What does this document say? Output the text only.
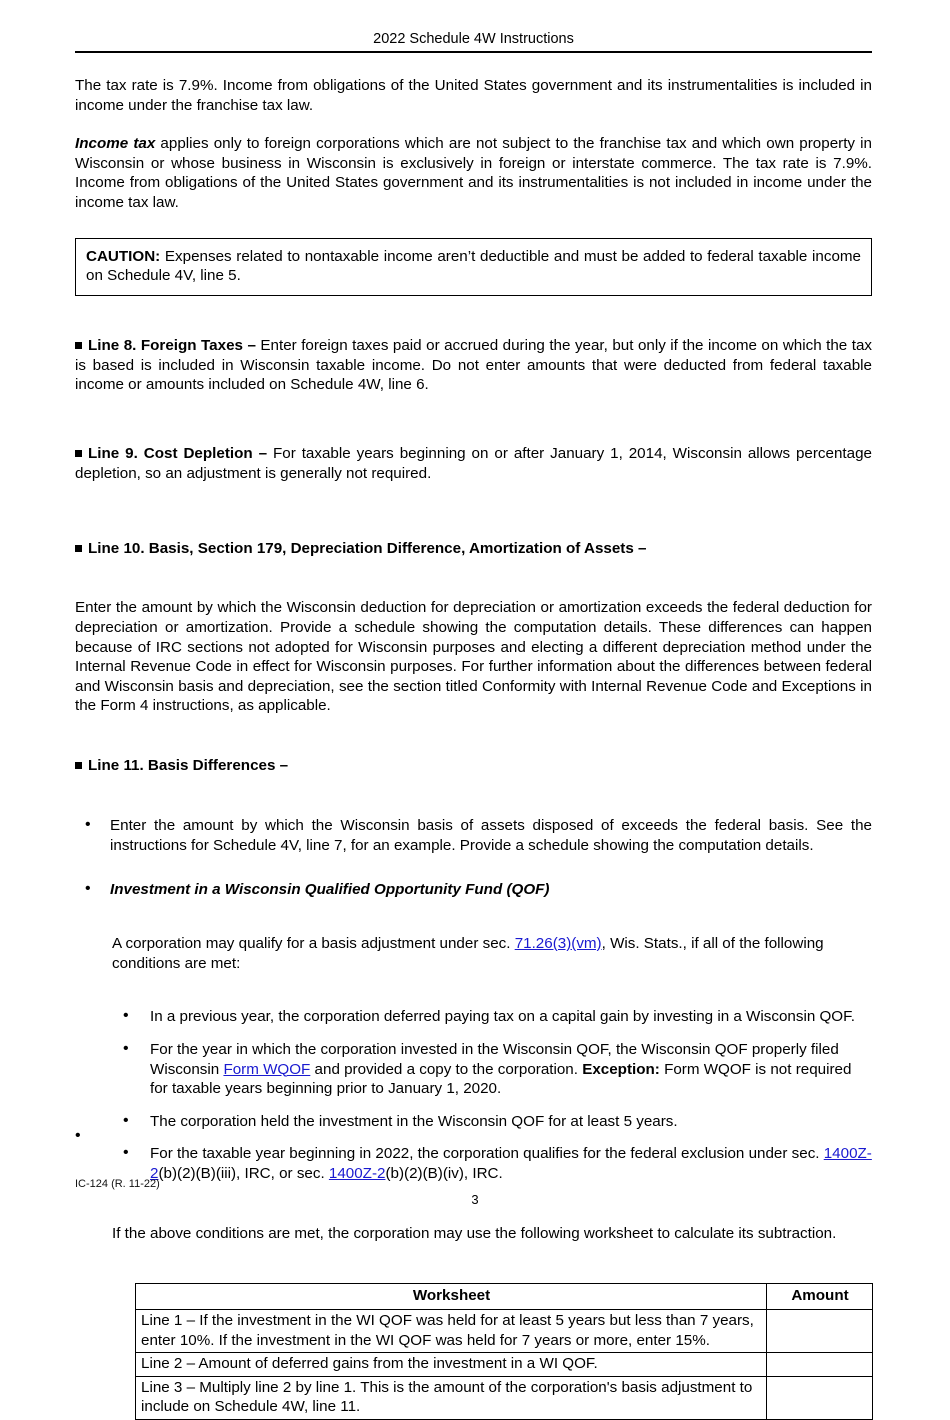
2022 Schedule 4W Instructions

The tax rate is 7.9%. Income from obligations of the United States government and its instrumentalities is included in income under the franchise tax law.

Income tax applies only to foreign corporations which are not subject to the franchise tax and which own property in Wisconsin or whose business in Wisconsin is exclusively in foreign or interstate commerce. The tax rate is 7.9%. Income from obligations of the United States government and its instrumentalities is not included in income under the income tax law.

CAUTION: Expenses related to nontaxable income aren’t deductible and must be added to federal taxable income on Schedule 4V, line 5.

Line 8. Foreign Taxes – Enter foreign taxes paid or accrued during the year, but only if the income on which the tax is based is included in Wisconsin taxable income. Do not enter amounts that were deducted from federal taxable income or amounts included on Schedule 4W, line 6.

Line 9. Cost Depletion – For taxable years beginning on or after January 1, 2014, Wisconsin allows percentage depletion, so an adjustment is generally not required.

Line 10. Basis, Section 179, Depreciation Difference, Amortization of Assets –

Enter the amount by which the Wisconsin deduction for depreciation or amortization exceeds the federal deduction for depreciation or amortization. Provide a schedule showing the computation details. These differences can happen because of IRC sections not adopted for Wisconsin purposes and electing a different depreciation method under the Internal Revenue Code in effect for Wisconsin purposes. For further information about the differences between federal and Wisconsin basis and depreciation, see the section titled Conformity with Internal Revenue Code and Exceptions in the Form 4 instructions, as applicable.

Line 11. Basis Differences –

• Enter the amount by which the Wisconsin basis of assets disposed of exceeds the federal basis. See the instructions for Schedule 4V, line 7, for an example. Provide a schedule showing the computation details.
• Investment in a Wisconsin Qualified Opportunity Fund (QOF)

A corporation may qualify for a basis adjustment under sec. 71.26(3)(vm), Wis. Stats., if all of the following conditions are met:

• In a previous year, the corporation deferred paying tax on a capital gain by investing in a Wisconsin QOF.
• For the year in which the corporation invested in the Wisconsin QOF, the Wisconsin QOF properly filed Wisconsin Form WQOF and provided a copy to the corporation. Exception: Form WQOF is not required for taxable years beginning prior to January 1, 2020.
• The corporation held the investment in the Wisconsin QOF for at least 5 years.
• For the taxable year beginning in 2022, the corporation qualifies for the federal exclusion under sec. 1400Z-2(b)(2)(B)(iii), IRC, or sec. 1400Z-2(b)(2)(B)(iv), IRC.

If the above conditions are met, the corporation may use the following worksheet to calculate its subtraction.

Worksheet	Amount
Line 1 – If the investment in the WI QOF was held for at least 5 years but less than 7 years, enter 10%. If the investment in the WI QOF was held for 7 years or more, enter 15%.	
Line 2 – Amount of deferred gains from the investment in a WI QOF.	
Line 3 – Multiply line 2 by line 1. This is the amount of the corporation's basis adjustment to include on Schedule 4W, line 11.	
•
IC-124 (R. 11-22)
3
